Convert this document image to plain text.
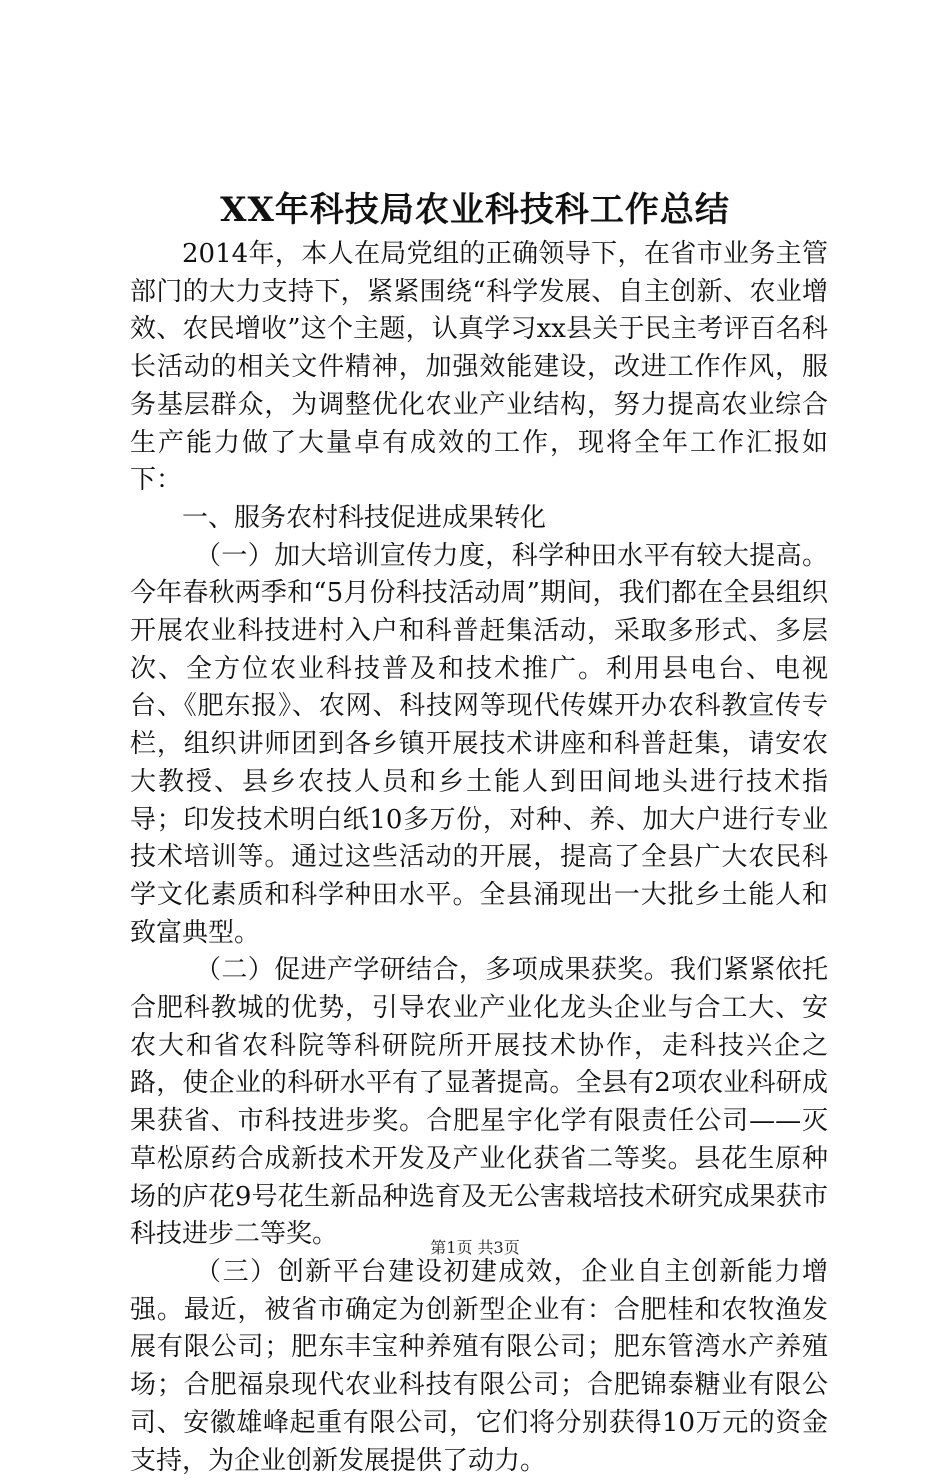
XX年科技局农业科技科工作总结

2014年，本人在局党组的正确领导下，在省市业务主管部门的大力支持下，紧紧围绕“科学发展、自主创新、农业增效、农民增收”这个主题，认真学习xx县关于民主考评百名科长活动的相关文件精神，加强效能建设，改进工作作风，服务基层群众，为调整优化农业产业结构，努力提高农业综合生产能力做了大量卓有成效的工作，现将全年工作汇报如下：

一、服务农村科技促进成果转化

（一）加大培训宣传力度，科学种田水平有较大提高。今年春秋两季和“5月份科技活动周”期间，我们都在全县组织开展农业科技进村入户和科普赶集活动，采取多形式、多层次、全方位农业科技普及和技术推广。利用县电台、电视台、《肥东报》、农网、科技网等现代传媒开办农科教宣传专栏，组织讲师团到各乡镇开展技术讲座和科普赶集，请安农大教授、县乡农技人员和乡土能人到田间地头进行技术指导；印发技术明白纸10多万份，对种、养、加大户进行专业技术培训等。通过这些活动的开展，提高了全县广大农民科学文化素质和科学种田水平。全县涌现出一大批乡土能人和致富典型。

（二）促进产学研结合，多项成果获奖。我们紧紧依托合肥科教城的优势，引导农业产业化龙头企业与合工大、安农大和省农科院等科研院所开展技术协作，走科技兴企之路，使企业的科研水平有了显著提高。全县有2项农业科研成果获省、市科技进步奖。合肥星宇化学有限责任公司——灭草松原药合成新技术开发及产业化获省二等奖。县花生原种场的庐花9号花生新品种选育及无公害栽培技术研究成果获市科技进步二等奖。

（三）创新平台建设初建成效，企业自主创新能力增强。最近，被省市确定为创新型企业有：合肥桂和农牧渔发展有限公司；肥东丰宝种养殖有限公司；肥东管湾水产养殖场；合肥福泉现代农业科技有限公司；合肥锦泰糖业有限公司、安徽雄峰起重有限公司，它们将分别获得10万元的资金支持，为企业创新发展提供了动力。

第1页 共3页
